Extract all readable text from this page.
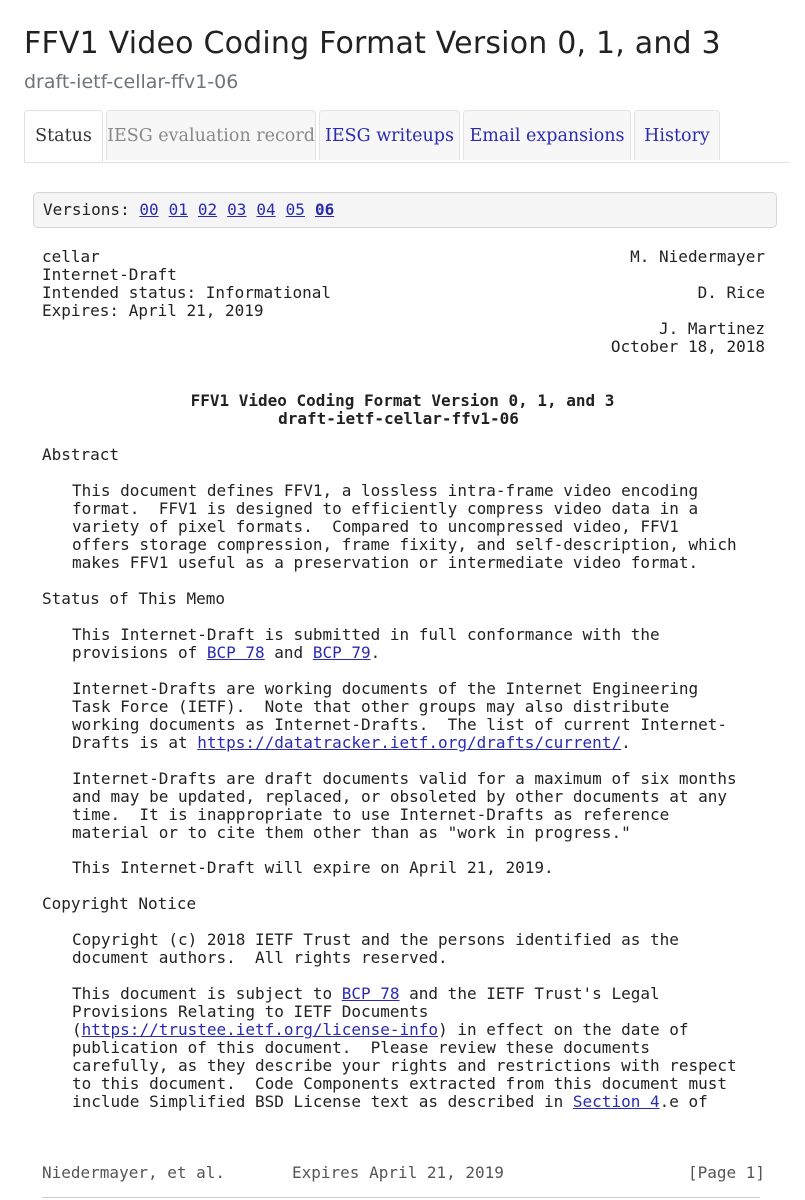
FFV1 Video Coding Format Version 0, 1, and 3
draft-ietf-cellar-ffv1-06
Status IESG evaluation record IESG writeups Email expansions	History
Versions: 00 01 02 03 04 05 06
cellar
Internet-Draft
Intended status: Informational
Expires: April 21, 2019
M. Niedermayer
D. Rice
J. Martinez
October 18, 2018
FFV1 Video Coding Format Version 0, 1, and 3
draft-ietf-cellar-ffv1-06
Abstract
This document defines FFV1, a lossless intra-frame video encoding
format.  FFV1 is designed to efficiently compress video data in a
variety of pixel formats.  Compared to uncompressed video, FFV1
offers storage compression, frame fixity, and self-description, which
makes FFV1 useful as a preservation or intermediate video format.
Status of This Memo
This Internet-Draft is submitted in full conformance with the
provisions of BCP 78 and BCP 79.
Internet-Drafts are working documents of the Internet Engineering
Task Force (IETF).  Note that other groups may also distribute
working documents as Internet-Drafts.  The list of current Internet-
Drafts is at https://datatracker.ietf.org/drafts/current/.
Internet-Drafts are draft documents valid for a maximum of six months
and may be updated, replaced, or obsoleted by other documents at any
time.  It is inappropriate to use Internet-Drafts as reference
material or to cite them other than as "work in progress."
This Internet-Draft will expire on April 21, 2019.
Copyright Notice
Copyright (c) 2018 IETF Trust and the persons identified as the
document authors.  All rights reserved.
This document is subject to BCP 78 and the IETF Trust's Legal
Provisions Relating to IETF Documents
(https://trustee.ietf.org/license-info) in effect on the date of
publication of this document.  Please review these documents
carefully, as they describe your rights and restrictions with respect
to this document.  Code Components extracted from this document must
include Simplified BSD License text as described in Section 4.e of
Niedermayer, et al.	Expires April 21, 2019	[Page 1]
